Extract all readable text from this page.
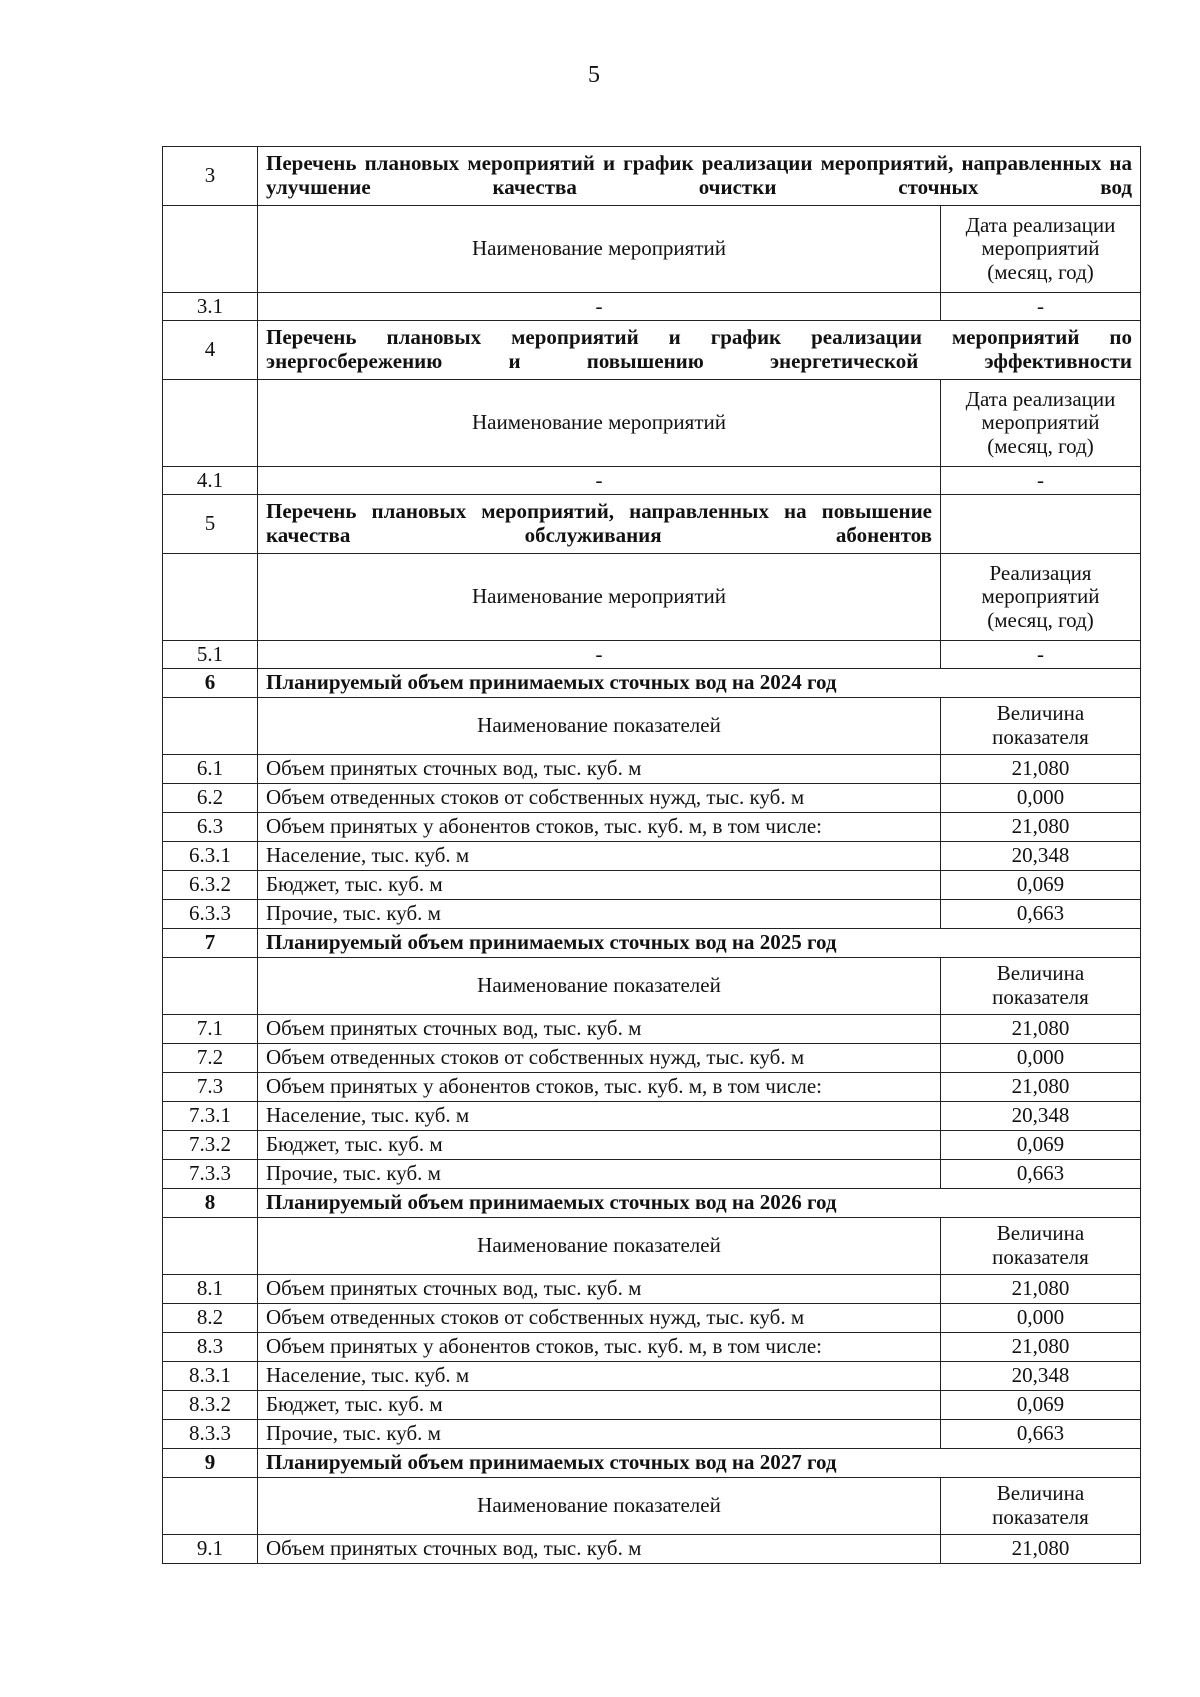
5
3	Перечень плановых мероприятий и график реализации мероприятий, направленных на улучшение качества очистки сточных вод	
	Наименование мероприятий	Дата реализации мероприятий (месяц, год)
3.1	-	-
4	Перечень плановых мероприятий и график реализации мероприятий по энергосбережению и повышению энергетической эффективности	
	Наименование мероприятий	Дата реализации мероприятий (месяц, год)
4.1	-	-
5	Перечень плановых мероприятий, направленных на повышение качества обслуживания абонентов	
	Наименование мероприятий	Реализация мероприятий (месяц, год)
5.1	-	-
6	Планируемый объем принимаемых сточных вод на 2024 год	
	Наименование показателей	Величина показателя
6.1	Объем принятых сточных вод, тыс. куб. м	21,080
6.2	Объем отведенных стоков от собственных нужд, тыс. куб. м	0,000
6.3	Объем принятых у абонентов стоков, тыс. куб. м, в том числе:	21,080
6.3.1	Население, тыс. куб. м	20,348
6.3.2	Бюджет, тыс. куб. м	0,069
6.3.3	Прочие, тыс. куб. м	0,663
7	Планируемый объем принимаемых сточных вод на 2025 год	
	Наименование показателей	Величина показателя
7.1	Объем принятых сточных вод, тыс. куб. м	21,080
7.2	Объем отведенных стоков от собственных нужд, тыс. куб. м	0,000
7.3	Объем принятых у абонентов стоков, тыс. куб. м, в том числе:	21,080
7.3.1	Население, тыс. куб. м	20,348
7.3.2	Бюджет, тыс. куб. м	0,069
7.3.3	Прочие, тыс. куб. м	0,663
8	Планируемый объем принимаемых сточных вод на 2026 год	
	Наименование показателей	Величина показателя
8.1	Объем принятых сточных вод, тыс. куб. м	21,080
8.2	Объем отведенных стоков от собственных нужд, тыс. куб. м	0,000
8.3	Объем принятых у абонентов стоков, тыс. куб. м, в том числе:	21,080
8.3.1	Население, тыс. куб. м	20,348
8.3.2	Бюджет, тыс. куб. м	0,069
8.3.3	Прочие, тыс. куб. м	0,663
9	Планируемый объем принимаемых сточных вод на 2027 год	
	Наименование показателей	Величина показателя
9.1	Объем принятых сточных вод, тыс. куб. м	21,080
